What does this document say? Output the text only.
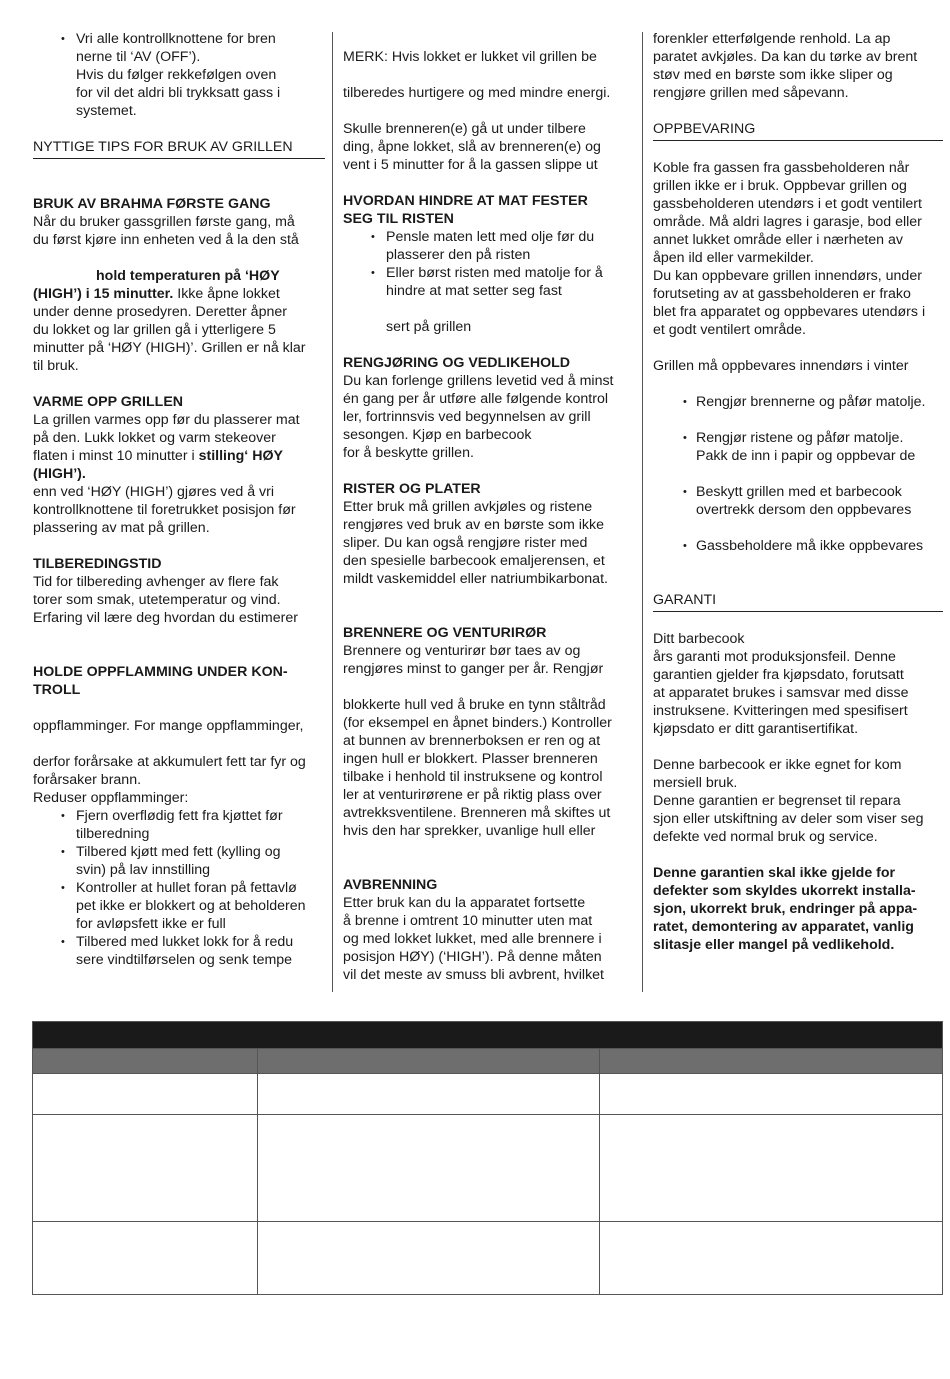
• Vri alle kontrollknottene for bren

nerne til ‘AV (OFF’).

Hvis du følger rekkefølgen oven

for vil det aldri bli trykksatt gass i

systemet.

NYTTIGE TIPS FOR BRUK AV GRILLEN

BRUK AV BRAHMA FØRSTE GANG

Når du bruker gassgrillen første gang, må

du først kjøre inn enheten ved å la den stå

hold temperaturen på ‘HØY

(HIGH’) i 15 minutter. Ikke åpne lokket

under denne prosedyren. Deretter åpner

du lokket og lar grillen gå i ytterligere 5

minutter på ‘HØY (HIGH)’. Grillen er nå klar

til bruk.

VARME OPP GRILLEN

La grillen varmes opp før du plasserer mat

på den. Lukk lokket og varm stekeover

flaten i minst 10 minutter i stilling‘ HØY

(HIGH’).

enn ved ‘HØY (HIGH’) gjøres ved å vri

kontrollknottene til foretrukket posisjon før

plassering av mat på grillen.

TILBEREDINGSTID

Tid for tilbereding avhenger av flere fak

torer som smak, utetemperatur og vind.

Erfaring vil lære deg hvordan du estimerer

HOLDE OPPFLAMMING UNDER KON-

TROLL

oppflamminger. For mange oppflamminger,

derfor forårsake at akkumulert fett tar fyr og

forårsaker brann.

Reduser oppflamminger:

• Fjern overflødig fett fra kjøttet før

tilberedning

• Tilbered kjøtt med fett (kylling og

svin) på lav innstilling

• Kontroller at hullet foran på fettavlø

pet ikke er blokkert og at beholderen

for avløpsfett ikke er full

• Tilbered med lukket lokk for å redu

sere vindtilførselen og senk tempe

MERK: Hvis lokket er lukket vil grillen be

tilberedes hurtigere og med mindre energi.

Skulle brenneren(e) gå ut under tilbere

ding, åpne lokket, slå av brenneren(e) og

vent i 5 minutter for å la gassen slippe ut

HVORDAN HINDRE AT MAT FESTER

SEG TIL RISTEN

• Pensle maten lett med olje før du

plasserer den på risten

• Eller børst risten med matolje for å

hindre at mat setter seg fast

sert på grillen

RENGJØRING OG VEDLIKEHOLD

Du kan forlenge grillens levetid ved å minst

én gang per år utføre alle følgende kontrol

ler, fortrinnsvis ved begynnelsen av grill

sesongen. Kjøp en barbecook

for å beskytte grillen.

RISTER OG PLATER

Etter bruk må grillen avkjøles og ristene

rengjøres ved bruk av en børste som ikke

sliper. Du kan også rengjøre rister med

den spesielle barbecook emaljerensen, et

mildt vaskemiddel eller natriumbikarbonat.

BRENNERE OG VENTURIRØR

Brennere og venturirør bør taes av og

rengjøres minst to ganger per år. Rengjør

blokkerte hull ved å bruke en tynn ståltråd

(for eksempel en åpnet binders.) Kontroller

at bunnen av brennerboksen er ren og at

ingen hull er blokkert. Plasser brenneren

tilbake i henhold til instruksene og kontrol

ler at venturirørene er på riktig plass over

avtrekksventilene. Brenneren må skiftes ut

hvis den har sprekker, uvanlige hull eller

AVBRENNING

Etter bruk kan du la apparatet fortsette

å brenne i omtrent 10 minutter uten mat

og med lokket lukket, med alle brennere i

posisjon HØY) (‘HIGH’). På denne måten

vil det meste av smuss bli avbrent, hvilket

forenkler etterfølgende renhold. La ap

paratet avkjøles. Da kan du tørke av brent

støv med en børste som ikke sliper og

rengjøre grillen med såpevann.

OPPBEVARING

Koble fra gassen fra gassbeholderen når

grillen ikke er i bruk. Oppbevar grillen og

gassbeholderen utendørs i et godt ventilert

område. Må aldri lagres i garasje, bod eller

annet lukket område eller i nærheten av

åpen ild eller varmekilder.

Du kan oppbevare grillen innendørs, under

forutseting av at gassbeholderen er frako

blet fra apparatet og oppbevares utendørs i

et godt ventilert område.

Grillen må oppbevares innendørs i vinter

• Rengjør brennerne og påfør matolje.

• Rengjør ristene og påfør matolje.

Pakk de inn i papir og oppbevar de

• Beskytt grillen med et barbecook

overtrekk dersom den oppbevares

• Gassbeholdere må ikke oppbevares

GARANTI

Ditt barbecook

års garanti mot produksjonsfeil. Denne

garantien gjelder fra kjøpsdato, forutsatt

at apparatet brukes i samsvar med disse

instruksene. Kvitteringen med spesifisert

kjøpsdato er ditt garantisertifikat.

Denne barbecook er ikke egnet for kom

mersiell bruk.

Denne garantien er begrenset til repara

sjon eller utskiftning av deler som viser seg

defekte ved normal bruk og service.

Denne garantien skal ikke gjelde for

defekter som skyldes ukorrekt installa-

sjon, ukorrekt bruk, endringer på appa-

ratet, demontering av apparatet, vanlig

slitasje eller mangel på vedlikehold.
